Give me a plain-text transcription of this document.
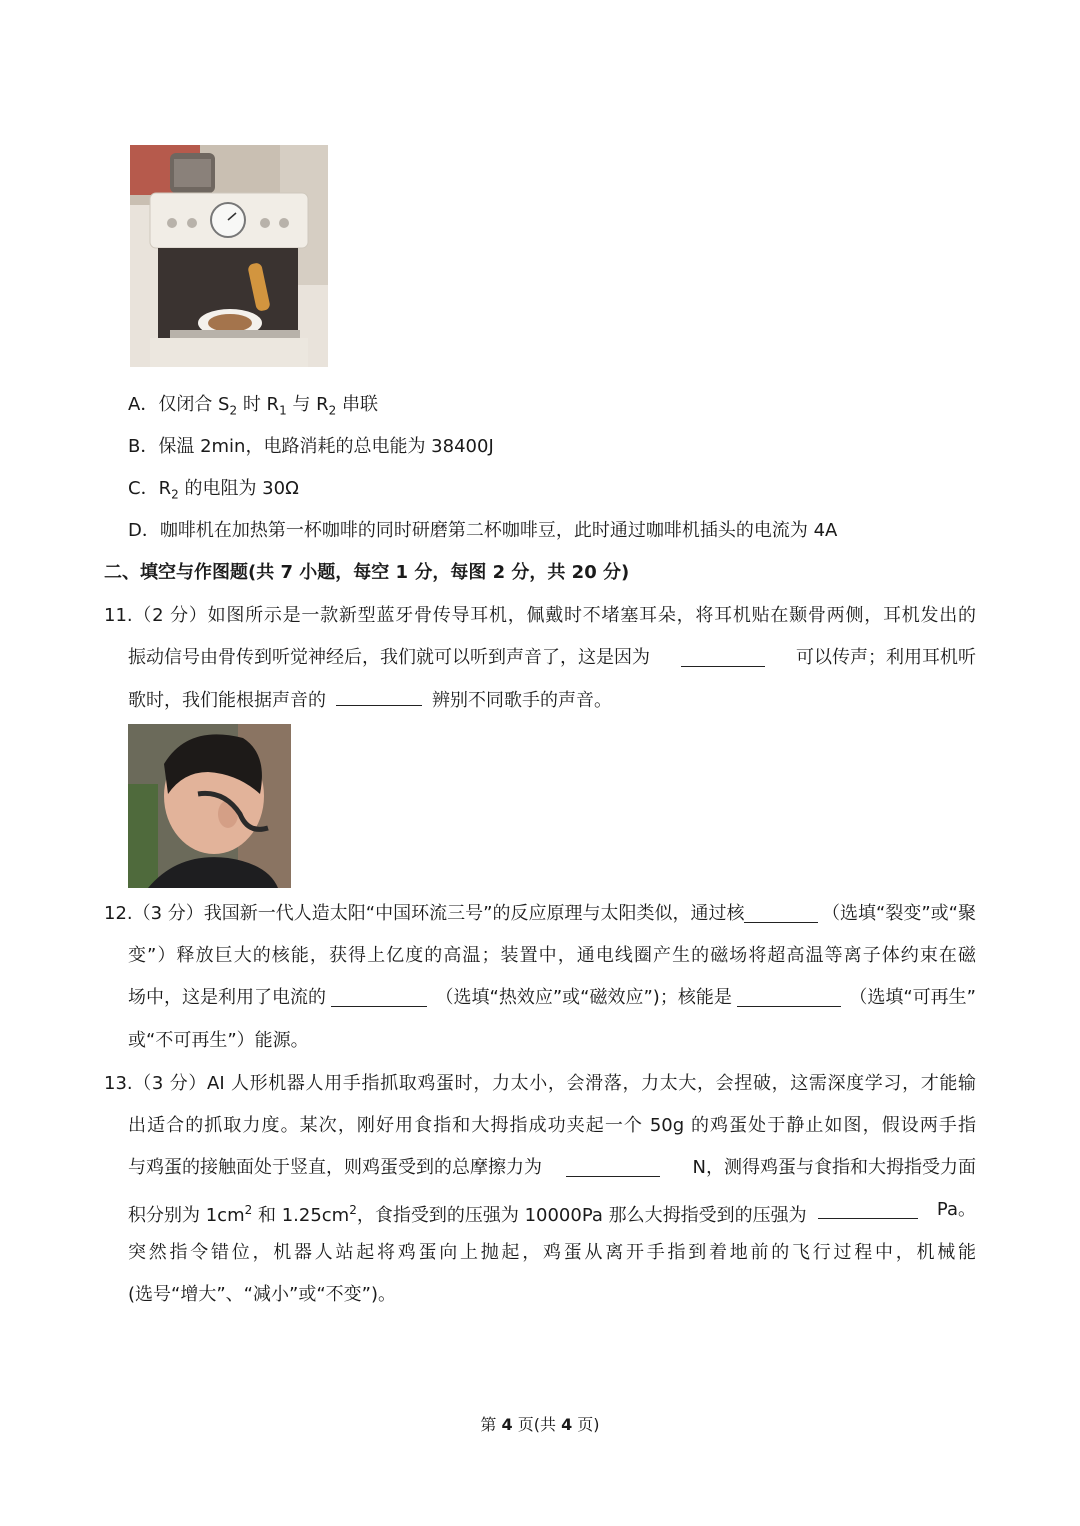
A．仅闭合 $S_2$ 时 $R_1$ 与 $R_2$ 串联
B．保温 2min，电路消耗的总电能为 38400J
C．$R_2$ 的电阻为 30Ω
D．咖啡机在加热第一杯咖啡的同时研磨第二杯咖啡豆，此时通过咖啡机插头的电流为 4A
二、填空与作图题(共 7 小题，每空 1 分，每图 2 分，共 20 分)
11.（2 分）如图所示是一款新型蓝牙骨传导耳机，佩戴时不堵塞耳朵，将耳机贴在颞骨两侧，耳机发出的
振动信号由骨传到听觉神经后，我们就可以听到声音了，这是因为	可以传声；利用耳机听
歌时，我们能根据声音的	辨别不同歌手的声音。
12.（3 分）我国新一代人造太阳“中国环流三号”的反应原理与太阳类似，通过核	（选填“裂变”或“聚
变”）释放巨大的核能，获得上亿度的高温；装置中，通电线圈产生的磁场将超高温等离子体约束在磁
场中，这是利用了电流的	（选填“热效应”或“磁效应”)；核能是	（选填“可再生”
或“不可再生”）能源。
13.（3 分）AI 人形机器人用手指抓取鸡蛋时，力太小，会滑落，力太大，会捏破，这需深度学习，才能输
出适合的抓取力度。某次，刚好用食指和大拇指成功夹起一个 50g 的鸡蛋处于静止如图，假设两手指
与鸡蛋的接触面处于竖直，则鸡蛋受到的总摩擦力为	N，测得鸡蛋与食指和大拇指受力面
积分别为 $1cm^2$ 和 $1.25cm^2$，食指受到的压强为 10000Pa 那么大拇指受到的压强为	Pa。
突然指令错位，机器人站起将鸡蛋向上抛起，鸡蛋从离开手指到着地前的飞行过程中，机械能
(选号“增大”、“减小”或“不变”)。
第 4 页(共 4 页)
